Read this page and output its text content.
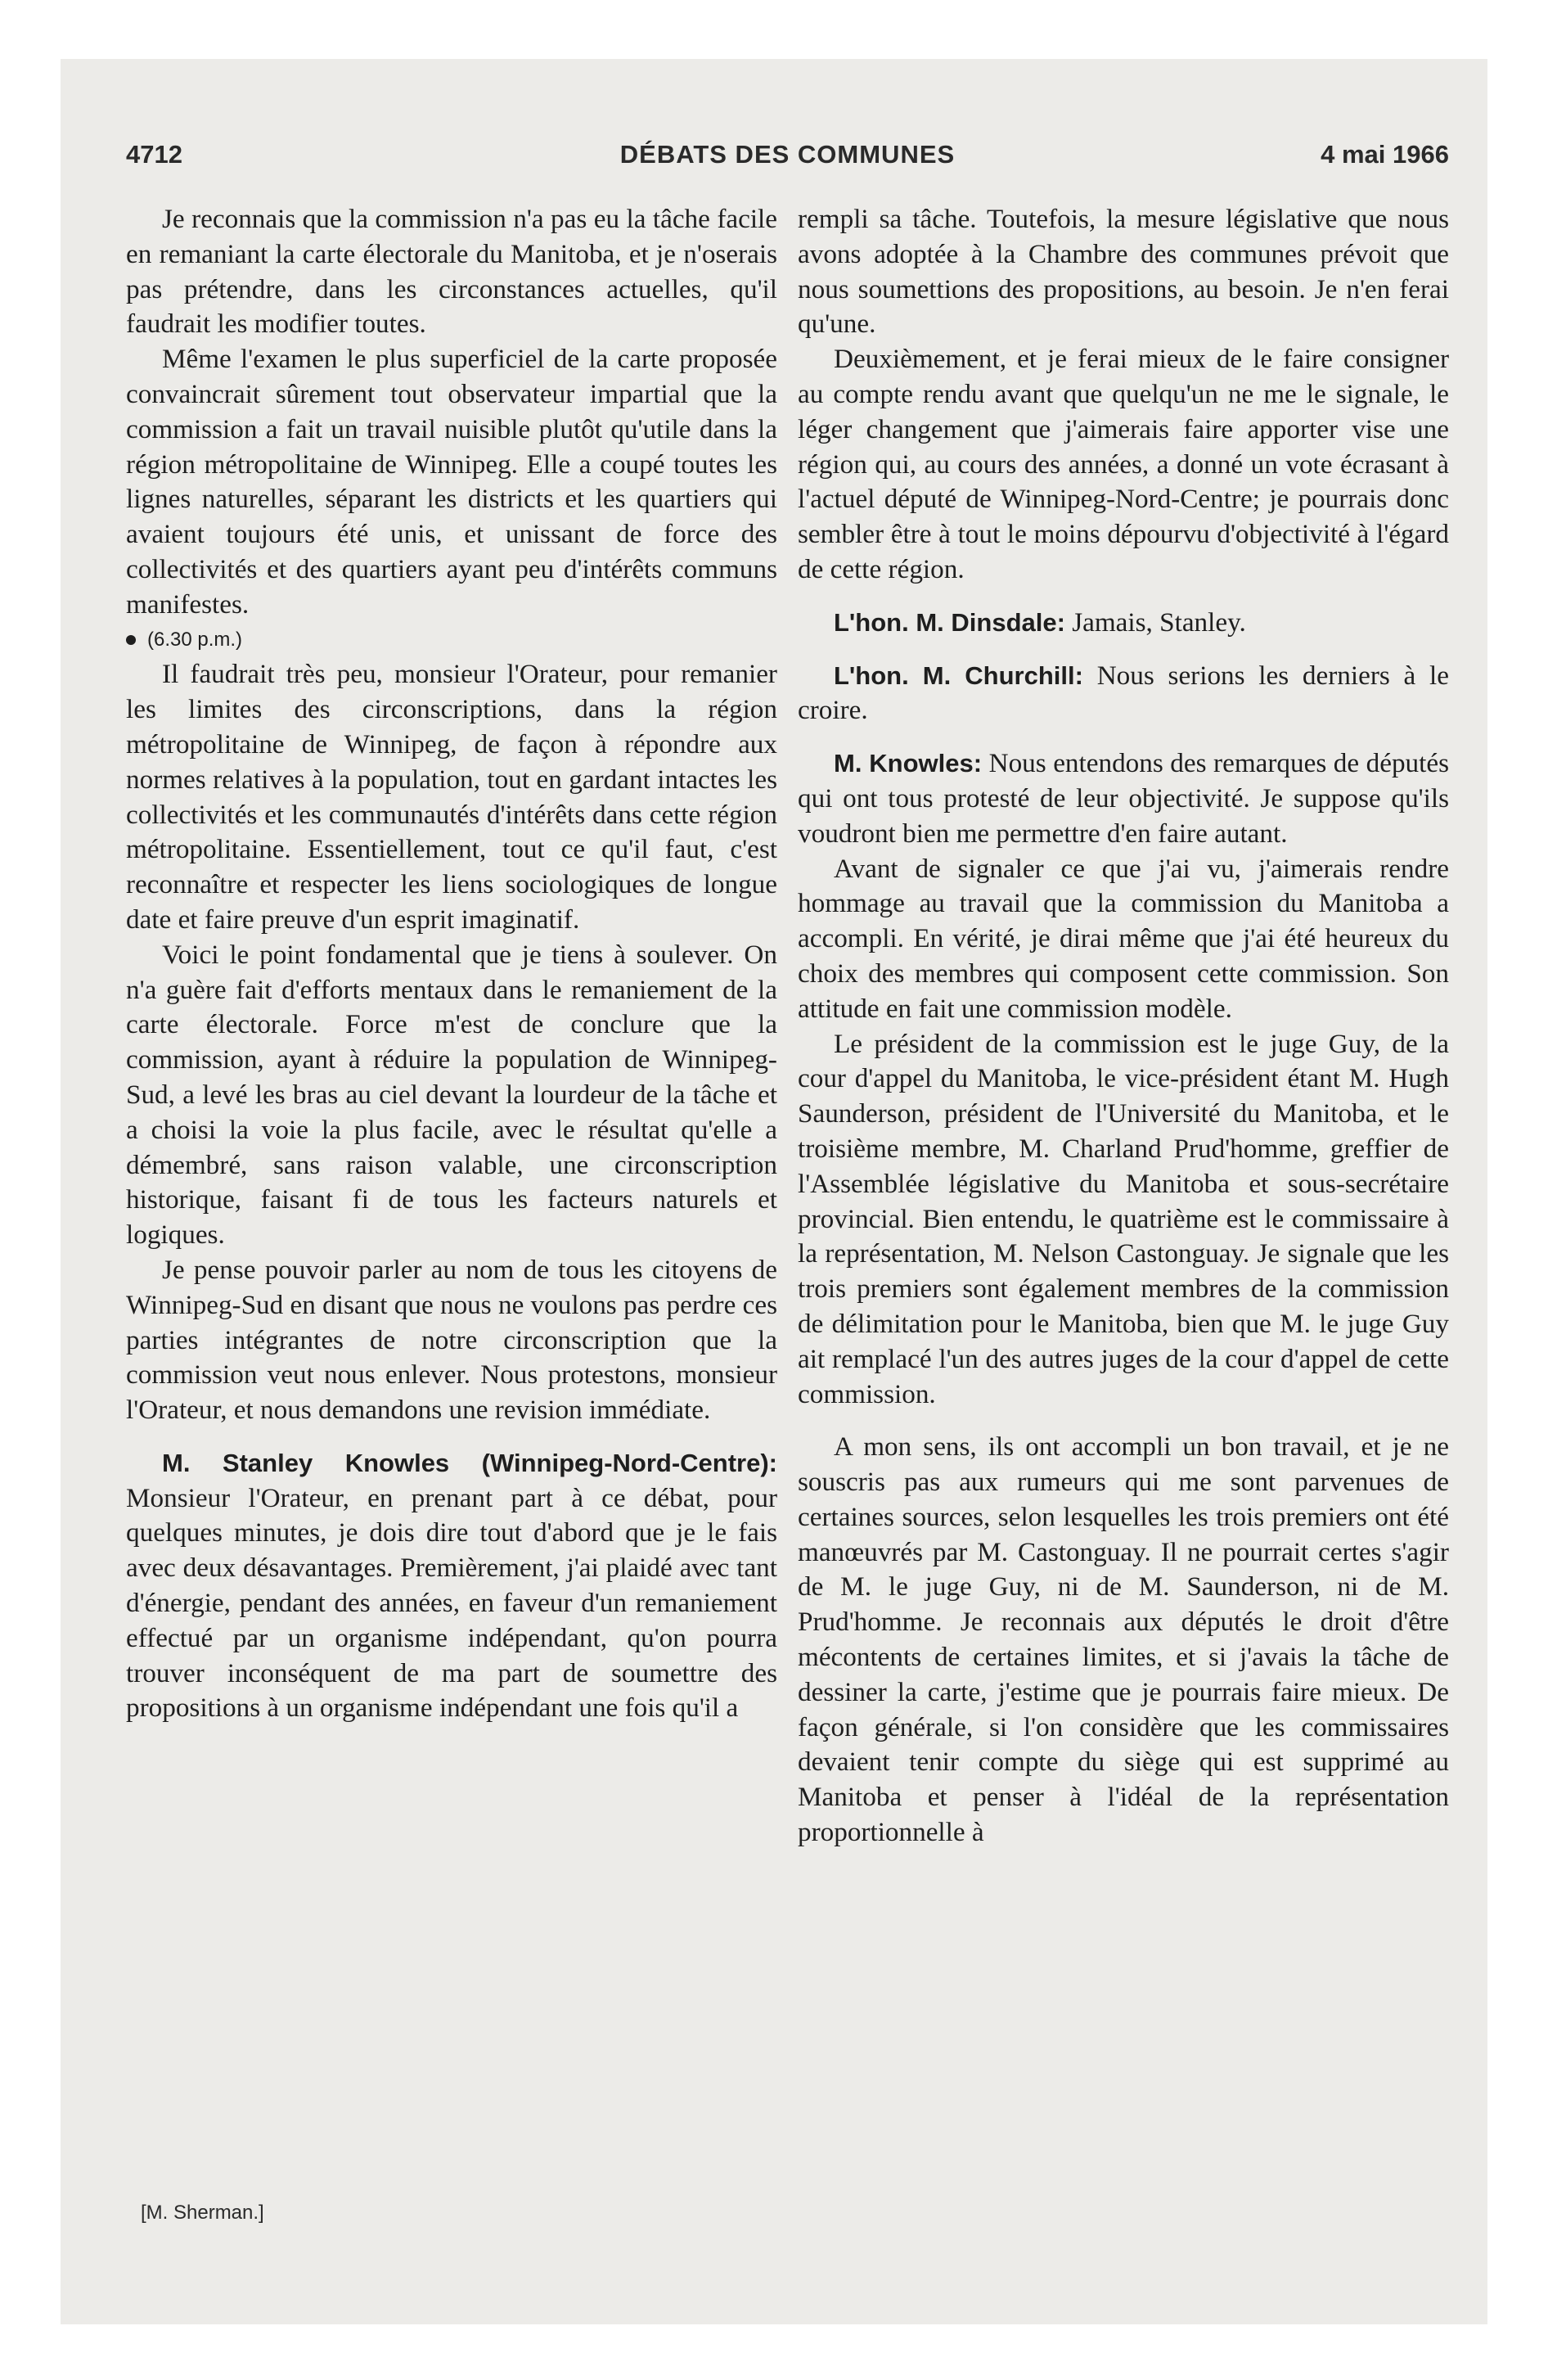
4712	DÉBATS DES COMMUNES	4 mai 1966

Je reconnais que la commission n'a pas eu la tâche facile en remaniant la carte électorale du Manitoba, et je n'oserais pas prétendre, dans les circonstances actuelles, qu'il faudrait les modifier toutes.

Même l'examen le plus superficiel de la carte proposée convaincrait sûrement tout observateur impartial que la commission a fait un travail nuisible plutôt qu'utile dans la région métropolitaine de Winnipeg. Elle a coupé toutes les lignes naturelles, séparant les districts et les quartiers qui avaient toujours été unis, et unissant de force des collectivités et des quartiers ayant peu d'intérêts communs manifestes.

(6.30 p.m.)

Il faudrait très peu, monsieur l'Orateur, pour remanier les limites des circonscriptions, dans la région métropolitaine de Winnipeg, de façon à répondre aux normes relatives à la population, tout en gardant intactes les collectivités et les communautés d'intérêts dans cette région métropolitaine. Essentiellement, tout ce qu'il faut, c'est reconnaître et respecter les liens sociologiques de longue date et faire preuve d'un esprit imaginatif.

Voici le point fondamental que je tiens à soulever. On n'a guère fait d'efforts mentaux dans le remaniement de la carte électorale. Force m'est de conclure que la commission, ayant à réduire la population de Winnipeg-Sud, a levé les bras au ciel devant la lourdeur de la tâche et a choisi la voie la plus facile, avec le résultat qu'elle a démembré, sans raison valable, une circonscription historique, faisant fi de tous les facteurs naturels et logiques.

Je pense pouvoir parler au nom de tous les citoyens de Winnipeg-Sud en disant que nous ne voulons pas perdre ces parties intégrantes de notre circonscription que la commission veut nous enlever. Nous protestons, monsieur l'Orateur, et nous demandons une revision immédiate.

M. Stanley Knowles (Winnipeg-Nord-Centre): Monsieur l'Orateur, en prenant part à ce débat, pour quelques minutes, je dois dire tout d'abord que je le fais avec deux désavantages. Premièrement, j'ai plaidé avec tant d'énergie, pendant des années, en faveur d'un remaniement effectué par un organisme indépendant, qu'on pourra trouver inconséquent de ma part de soumettre des propositions à un organisme indépendant une fois qu'il a

rempli sa tâche. Toutefois, la mesure législative que nous avons adoptée à la Chambre des communes prévoit que nous soumettions des propositions, au besoin. Je n'en ferai qu'une.

Deuxièmement, et je ferai mieux de le faire consigner au compte rendu avant que quelqu'un ne me le signale, le léger changement que j'aimerais faire apporter vise une région qui, au cours des années, a donné un vote écrasant à l'actuel député de Winnipeg-Nord-Centre; je pourrais donc sembler être à tout le moins dépourvu d'objectivité à l'égard de cette région.

L'hon. M. Dinsdale: Jamais, Stanley.

L'hon. M. Churchill: Nous serions les derniers à le croire.

M. Knowles: Nous entendons des remarques de députés qui ont tous protesté de leur objectivité. Je suppose qu'ils voudront bien me permettre d'en faire autant.

Avant de signaler ce que j'ai vu, j'aimerais rendre hommage au travail que la commission du Manitoba a accompli. En vérité, je dirai même que j'ai été heureux du choix des membres qui composent cette commission. Son attitude en fait une commission modèle.

Le président de la commission est le juge Guy, de la cour d'appel du Manitoba, le vice-président étant M. Hugh Saunderson, président de l'Université du Manitoba, et le troisième membre, M. Charland Prud'homme, greffier de l'Assemblée législative du Manitoba et sous-secrétaire provincial. Bien entendu, le quatrième est le commissaire à la représentation, M. Nelson Castonguay. Je signale que les trois premiers sont également membres de la commission de délimitation pour le Manitoba, bien que M. le juge Guy ait remplacé l'un des autres juges de la cour d'appel de cette commission.

A mon sens, ils ont accompli un bon travail, et je ne souscris pas aux rumeurs qui me sont parvenues de certaines sources, selon lesquelles les trois premiers ont été manœuvrés par M. Castonguay. Il ne pourrait certes s'agir de M. le juge Guy, ni de M. Saunderson, ni de M. Prud'homme. Je reconnais aux députés le droit d'être mécontents de certaines limites, et si j'avais la tâche de dessiner la carte, j'estime que je pourrais faire mieux. De façon générale, si l'on considère que les commissaires devaient tenir compte du siège qui est supprimé au Manitoba et penser à l'idéal de la représentation proportionnelle à

[M. Sherman.]
